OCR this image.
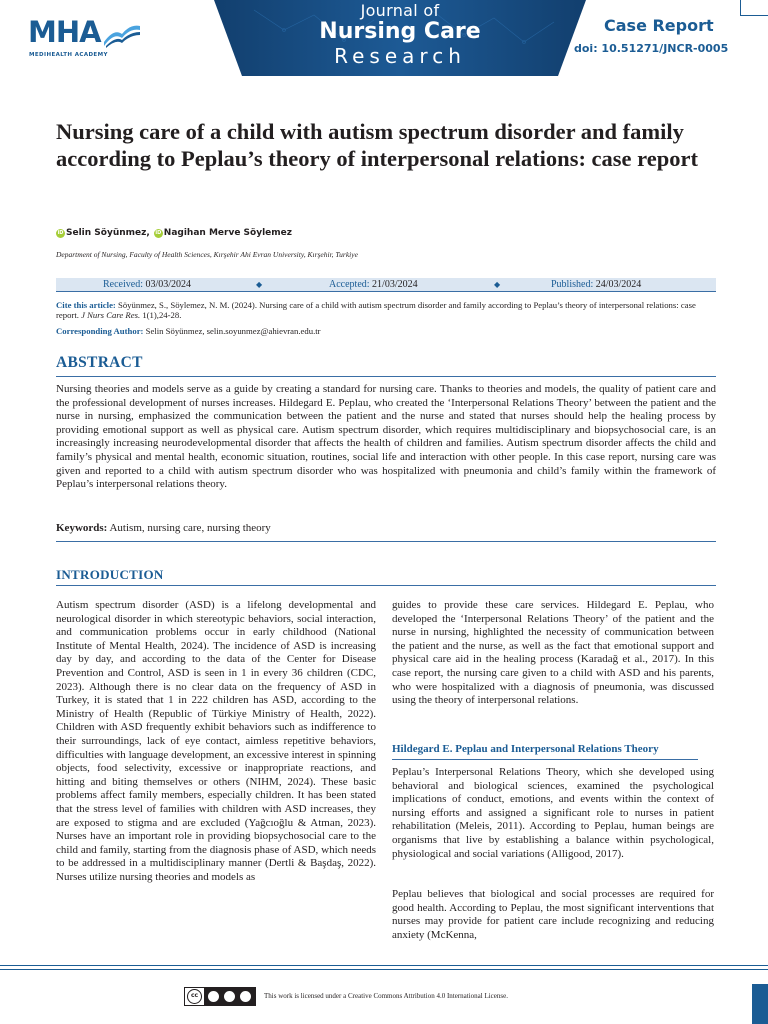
MHA
MEDIHEALTH ACADEMY
Journal of
Nursing Care
Research
Case Report
doi: 10.51271/JNCR-0005
Nursing care of a child with autism spectrum disorder and family according to Peplau’s theory of interpersonal relations: case report
iD Selin Söyünmez,	iD Nagihan Merve Söylemez
Department of Nursing, Faculty of Health Sciences, Kırşehir Ahi Evran University, Kırşehir, Turkiye
Received: 03/03/2024	◆	Accepted: 21/03/2024	◆	Published: 24/03/2024

Cite this article: Söyünmez, S., Söylemez, N. M. (2024). Nursing care of a child with autism spectrum disorder and family according to Peplau’s theory of interpersonal relations: case report. J Nurs Care Res. 1(1),24-28.

Corresponding Author: Selin Söyünmez, selin.soyunmez@ahievran.edu.tr

ABSTRACT

Nursing theories and models serve as a guide by creating a standard for nursing care. Thanks to theories and models, the quality of patient care and the professional development of nurses increases. Hildegard E. Peplau, who created the ‘Interpersonal Relations Theory’ between the patient and the nurse in nursing, emphasized the communication between the patient and the nurse and stated that nurses should help the healing process by providing emotional support as well as physical care. Autism spectrum disorder, which requires multidisciplinary and biopsychosocial care, is an increasingly increasing neurodevelopmental disorder that affects the health of children and families. Autism spectrum disorder affects the child and family’s physical and mental health, economic situation, routines, social life and interaction with other people. In this case report, nursing care was given and reported to a child with autism spectrum disorder who was hospitalized with pneumonia and child’s family within the framework of Peplau’s interpersonal relations theory.

Keywords: Autism, nursing care, nursing theory

INTRODUCTION

Autism spectrum disorder (ASD) is a lifelong developmental and neurological disorder in which stereotypic behaviors, social interaction, and communication problems occur in early childhood (National Institute of Mental Health, 2024). The incidence of ASD is increasing day by day, and according to the data of the Center for Disease Prevention and Control, ASD is seen in 1 in every 36 children (CDC, 2023). Although there is no clear data on the frequency of ASD in Turkey, it is stated that 1 in 222 children has ASD, according to the Ministry of Health (Republic of Türkiye Ministry of Health, 2022). Children with ASD frequently exhibit behaviors such as indifference to their surroundings, lack of eye contact, aimless repetitive behaviors, difficulties with language development, an excessive interest in spinning objects, food selectivity, excessive or inappropriate reactions, and hitting and biting themselves or others (NIHM, 2024). These basic problems affect family members, especially children. It has been stated that the stress level of families with children with ASD increases, they are exposed to stigma and are excluded (Yağcıoğlu & Atman, 2023). Nurses have an important role in providing biopsychosocial care to the child and family, starting from the diagnosis phase of ASD, which needs to be addressed in a multidisciplinary manner (Dertli & Başdaş, 2022). Nurses utilize nursing theories and models as

guides to provide these care services. Hildegard E. Peplau, who developed the ‘Interpersonal Relations Theory’ of the patient and the nurse in nursing, highlighted the necessity of communication between the patient and the nurse, as well as the fact that emotional support and physical care aid in the healing process (Karadağ et al., 2017). In this case report, the nursing care given to a child with ASD and his parents, who were hospitalized with a diagnosis of pneumonia, was discussed using the theory of interpersonal relations.

Hildegard E. Peplau and Interpersonal Relations Theory

Peplau’s Interpersonal Relations Theory, which she developed using behavioral and biological sciences, examined the psychological implications of conduct, emotions, and events within the context of nursing efforts and assigned a significant role to nurses in patient rehabilitation (Meleis, 2011). According to Peplau, human beings are organisms that live by establishing a balance within psychological, physiological and social variations (Alligood, 2017).

Peplau believes that biological and social processes are required for good health. According to Peplau, the most significant interventions that nurses may provide for patient care include recognizing and reducing anxiety (McKenna,

cc	This work is licensed under a Creative Commons Attribution 4.0 International License.
